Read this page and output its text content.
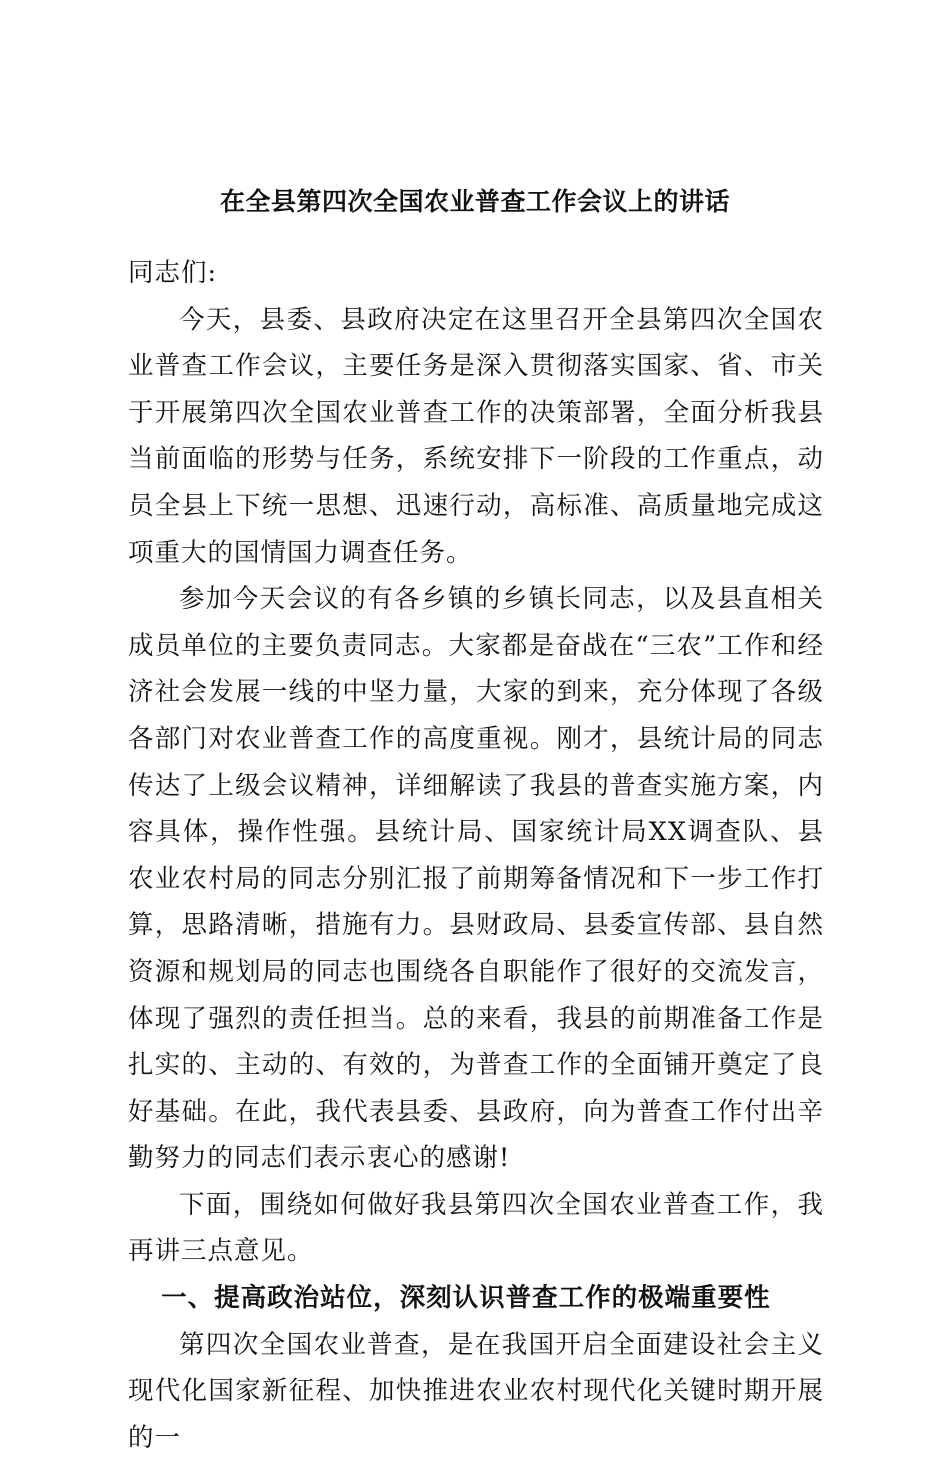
在全县第四次全国农业普查工作会议上的讲话

同志们:

今天，县委、县政府决定在这里召开全县第四次全国农业普查工作会议，主要任务是深入贯彻落实国家、省、市关于开展第四次全国农业普查工作的决策部署，全面分析我县当前面临的形势与任务，系统安排下一阶段的工作重点，动员全县上下统一思想、迅速行动，高标准、高质量地完成这项重大的国情国力调查任务。

参加今天会议的有各乡镇的乡镇长同志，以及县直相关成员单位的主要负责同志。大家都是奋战在“三农”工作和经济社会发展一线的中坚力量，大家的到来，充分体现了各级各部门对农业普查工作的高度重视。刚才，县统计局的同志传达了上级会议精神，详细解读了我县的普查实施方案，内容具体，操作性强。县统计局、国家统计局XX调查队、县农业农村局的同志分别汇报了前期筹备情况和下一步工作打算，思路清晰，措施有力。县财政局、县委宣传部、县自然资源和规划局的同志也围绕各自职能作了很好的交流发言，体现了强烈的责任担当。总的来看，我县的前期准备工作是扎实的、主动的、有效的，为普查工作的全面铺开奠定了良好基础。在此，我代表县委、县政府，向为普查工作付出辛勤努力的同志们表示衷心的感谢!

下面，围绕如何做好我县第四次全国农业普查工作，我再讲三点意见。

一、提高政治站位，深刻认识普查工作的极端重要性

第四次全国农业普查，是在我国开启全面建设社会主义现代化国家新征程、加快推进农业农村现代化关键时期开展的一
